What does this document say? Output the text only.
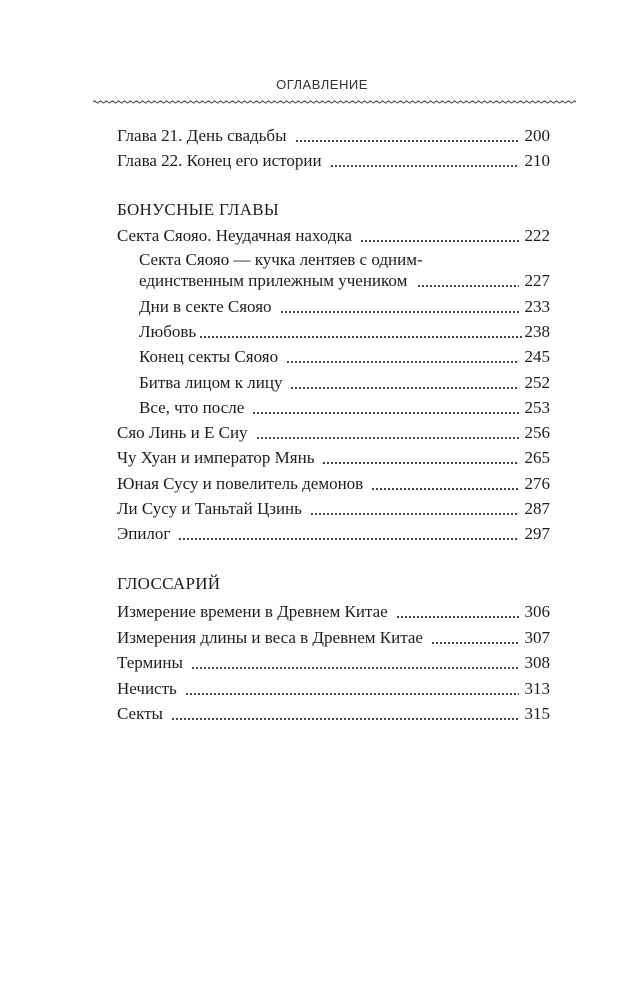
ОГЛАВЛЕНИЕ
Глава 21. День свадьбы	200
Глава 22. Конец его истории	210
БОНУСНЫЕ ГЛАВЫ
Секта Сяояо. Неудачная находка	222
Секта Сяояо — кучка лентяев с одним-
единственным прилежным учеником	227
Дни в секте Сяояо	233
Любовь	238
Конец секты Сяояо	245
Битва лицом к лицу	252
Все, что после	253
Сяо Линь и Е Сиу	256
Чу Хуан и император Мянь	265
Юная Сусу и повелитель демонов	276
Ли Сусу и Таньтай Цзинь	287
Эпилог	297
ГЛОССАРИЙ
Измерение времени в Древнем Китае	306
Измерения длины и веса в Древнем Китае	307
Термины	308
Нечисть	313
Секты	315
